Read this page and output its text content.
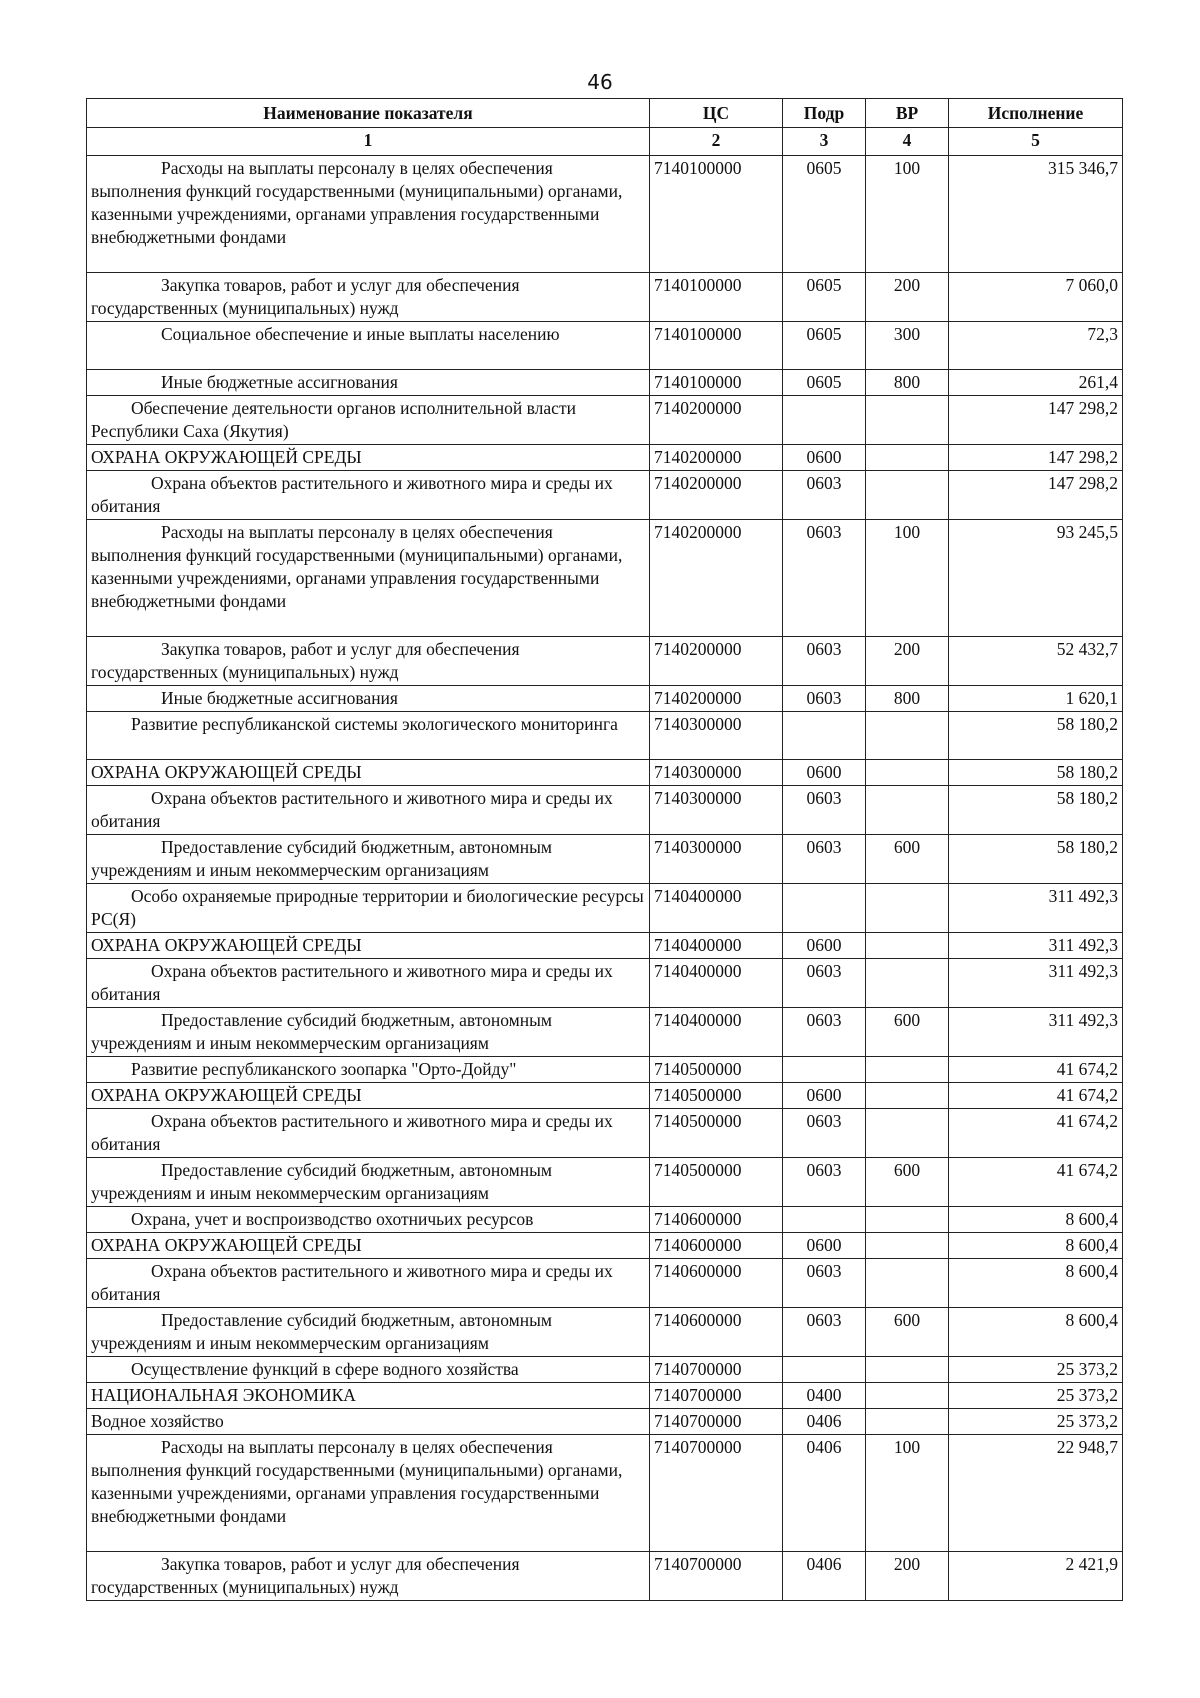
46
Наименование показателя	ЦС	Подр	ВР	Исполнение
1	2	3	4	5
Расходы на выплаты персоналу в целях обеспечения выполнения функций государственными (муниципальными) органами, казенными учреждениями, органами управления государственными внебюджетными фондами	7140100000	0605	100	315 346,7
Закупка товаров, работ и услуг для обеспечения государственных (муниципальных) нужд	7140100000	0605	200	7 060,0
Социальное обеспечение и иные выплаты населению	7140100000	0605	300	72,3
Иные бюджетные ассигнования	7140100000	0605	800	261,4
Обеспечение деятельности органов исполнительной власти Республики Саха (Якутия)	7140200000			147 298,2
ОХРАНА ОКРУЖАЮЩЕЙ СРЕДЫ	7140200000	0600		147 298,2
Охрана объектов растительного и животного мира и среды их обитания	7140200000	0603		147 298,2
Расходы на выплаты персоналу в целях обеспечения выполнения функций государственными (муниципальными) органами, казенными учреждениями, органами управления государственными внебюджетными фондами	7140200000	0603	100	93 245,5
Закупка товаров, работ и услуг для обеспечения государственных (муниципальных) нужд	7140200000	0603	200	52 432,7
Иные бюджетные ассигнования	7140200000	0603	800	1 620,1
Развитие республиканской системы экологического мониторинга	7140300000			58 180,2
ОХРАНА ОКРУЖАЮЩЕЙ СРЕДЫ	7140300000	0600		58 180,2
Охрана объектов растительного и животного мира и среды их обитания	7140300000	0603		58 180,2
Предоставление субсидий бюджетным, автономным учреждениям и иным некоммерческим организациям	7140300000	0603	600	58 180,2
Особо охраняемые природные территории и биологические ресурсы РС(Я)	7140400000			311 492,3
ОХРАНА ОКРУЖАЮЩЕЙ СРЕДЫ	7140400000	0600		311 492,3
Охрана объектов растительного и животного мира и среды их обитания	7140400000	0603		311 492,3
Предоставление субсидий бюджетным, автономным учреждениям и иным некоммерческим организациям	7140400000	0603	600	311 492,3
Развитие республиканского зоопарка "Орто-Дойду"	7140500000			41 674,2
ОХРАНА ОКРУЖАЮЩЕЙ СРЕДЫ	7140500000	0600		41 674,2
Охрана объектов растительного и животного мира и среды их обитания	7140500000	0603		41 674,2
Предоставление субсидий бюджетным, автономным учреждениям и иным некоммерческим организациям	7140500000	0603	600	41 674,2
Охрана, учет и воспроизводство охотничьих ресурсов	7140600000			8 600,4
ОХРАНА ОКРУЖАЮЩЕЙ СРЕДЫ	7140600000	0600		8 600,4
Охрана объектов растительного и животного мира и среды их обитания	7140600000	0603		8 600,4
Предоставление субсидий бюджетным, автономным учреждениям и иным некоммерческим организациям	7140600000	0603	600	8 600,4
Осуществление функций в сфере водного хозяйства	7140700000			25 373,2
НАЦИОНАЛЬНАЯ ЭКОНОМИКА	7140700000	0400		25 373,2
Водное хозяйство	7140700000	0406		25 373,2
Расходы на выплаты персоналу в целях обеспечения выполнения функций государственными (муниципальными) органами, казенными учреждениями, органами управления государственными внебюджетными фондами	7140700000	0406	100	22 948,7
Закупка товаров, работ и услуг для обеспечения государственных (муниципальных) нужд	7140700000	0406	200	2 421,9
